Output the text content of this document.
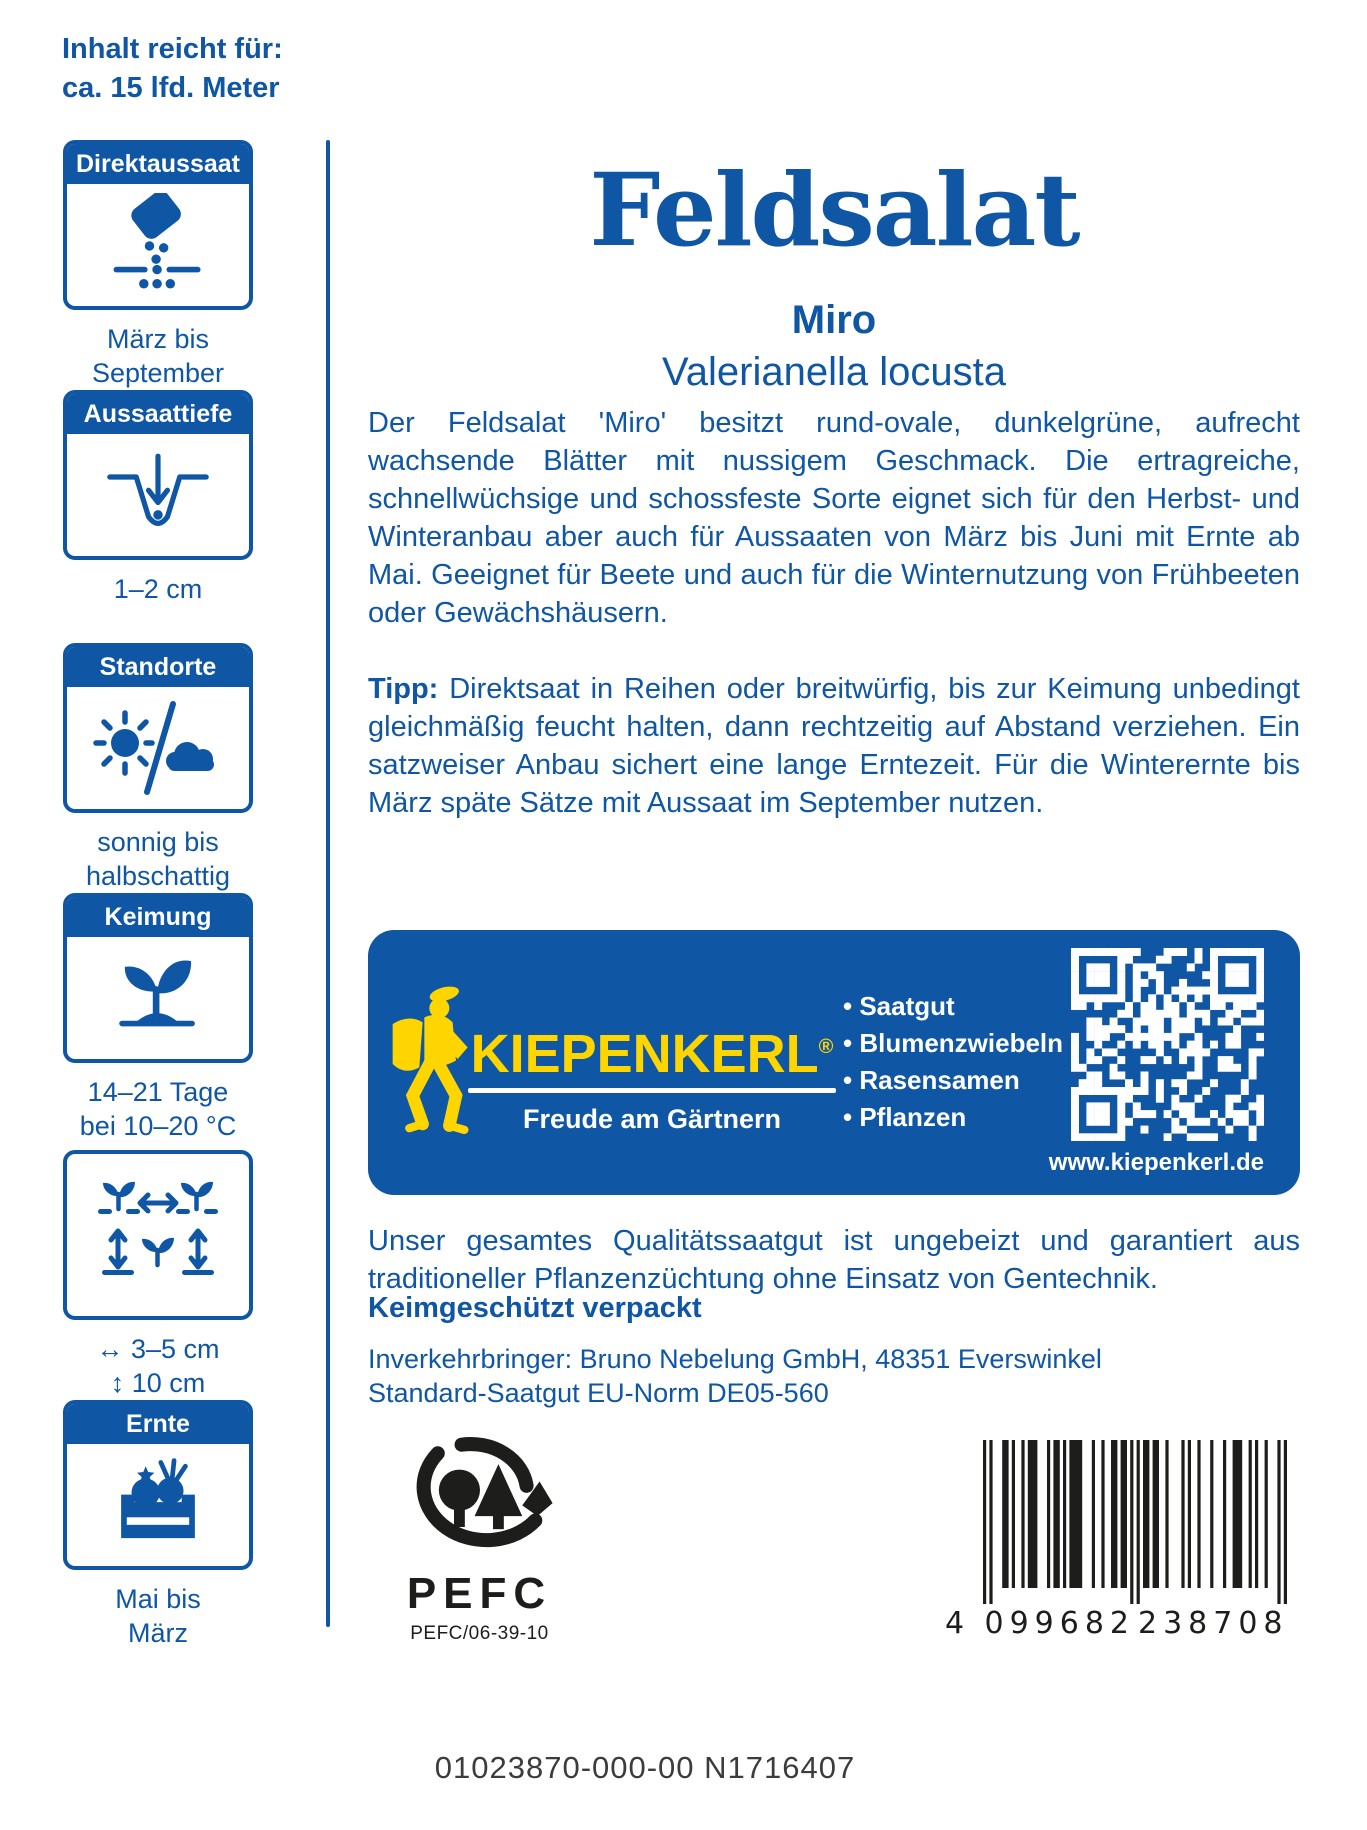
Inhalt reicht für:
ca. 15 lfd. Meter
Direktaussaat
März bis
September
Aussaattiefe
1–2 cm
Standorte
sonnig bis
halbschattig
Keimung
14–21 Tage
bei 10–20 °C
↔ 3–5 cm
↕ 10 cm
Ernte
Mai bis
März
Feldsalat
Miro
Valerianella locusta

Der Feldsalat 'Miro' besitzt rund-ovale, dunkelgrüne, aufrecht wachsende Blätter mit nussigem Geschmack. Die ertragreiche, schnellwüchsige und schossfeste Sorte eignet sich für den Herbst- und Winteranbau aber auch für Aussaaten von März bis Juni mit Ernte ab Mai. Geeignet für Beete und auch für die Winternutzung von Frühbeeten oder Gewächshäusern.

Tipp: Direktsaat in Reihen oder breitwürfig, bis zur Keimung unbedingt gleichmäßig feucht halten, dann rechtzeitig auf Abstand verziehen. Ein satzweiser Anbau sichert eine lange Erntezeit. Für die Winterernte bis März späte Sätze mit Aussaat im September nutzen.

KIEPENKERL®
Freude am Gärtnern
• Saatgut
• Blumenzwiebeln
• Rasensamen
• Pflanzen
www.kiepenkerl.de

Unser gesamtes Qualitätssaatgut ist ungebeizt und garantiert aus traditioneller Pflanzenzüchtung ohne Einsatz von Gentechnik.

Keimgeschützt verpackt

Inverkehrbringer: Bruno Nebelung GmbH, 48351 Everswinkel
Standard-Saatgut EU-Norm DE05-560

PEFC
PEFC/06-39-10	4 099682 238708
01023870-000-00 N1716407
